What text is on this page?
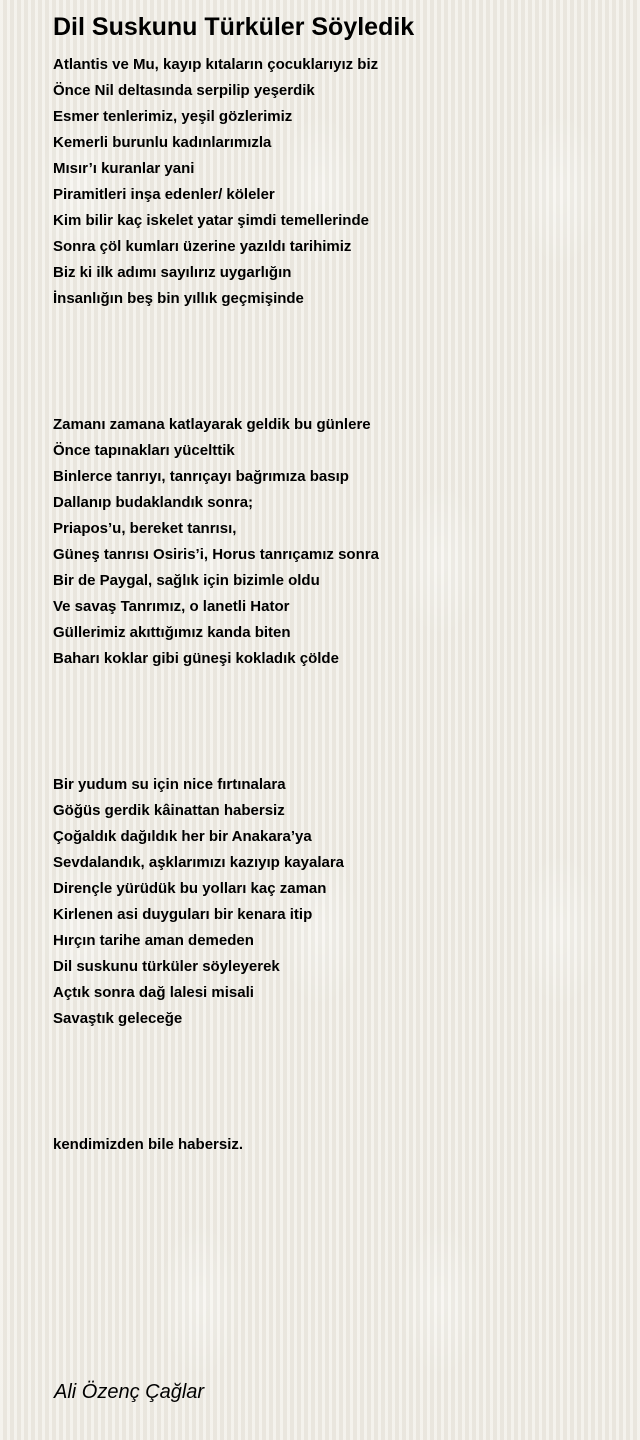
Dil Suskunu Türküler Söyledik
Atlantis ve Mu, kayıp kıtaların çocuklarıyız biz
Önce Nil deltasında serpilip yeşerdik
Esmer tenlerimiz, yeşil gözlerimiz
Kemerli burunlu kadınlarımızla
Mısır’ı kuranlar yani
Piramitleri inşa edenler/ köleler
Kim bilir kaç iskelet yatar şimdi temellerinde
Sonra çöl kumları üzerine yazıldı tarihimiz
Biz ki ilk adımı sayılırız uygarlığın
İnsanlığın beş bin yıllık geçmişinde
Zamanı zamana katlayarak geldik bu günlere
Önce tapınakları yücelttik
Binlerce tanrıyı, tanrıçayı bağrımıza basıp
Dallanıp budaklandık sonra;
Priapos’u, bereket tanrısı,
Güneş tanrısı Osiris’i, Horus tanrıçamız sonra
Bir de Paygal, sağlık için bizimle oldu
Ve savaş Tanrımız, o lanetli Hator
Güllerimiz akıttığımız kanda biten
Baharı koklar gibi güneşi kokladık çölde
Bir yudum su için nice fırtınalara
Göğüs gerdik kâinattan habersiz
Çoğaldık dağıldık her bir Anakara’ya
Sevdalandık, aşklarımızı kazıyıp kayalara
Dirençle yürüdük bu yolları kaç zaman
Kirlenen asi duyguları bir kenara itip
Hırçın tarihe aman demeden
Dil suskunu türküler söyleyerek
Açtık sonra dağ lalesi misali
Savaştık geleceğe
kendimizden bile habersiz.
Ali Özenç Çağlar
